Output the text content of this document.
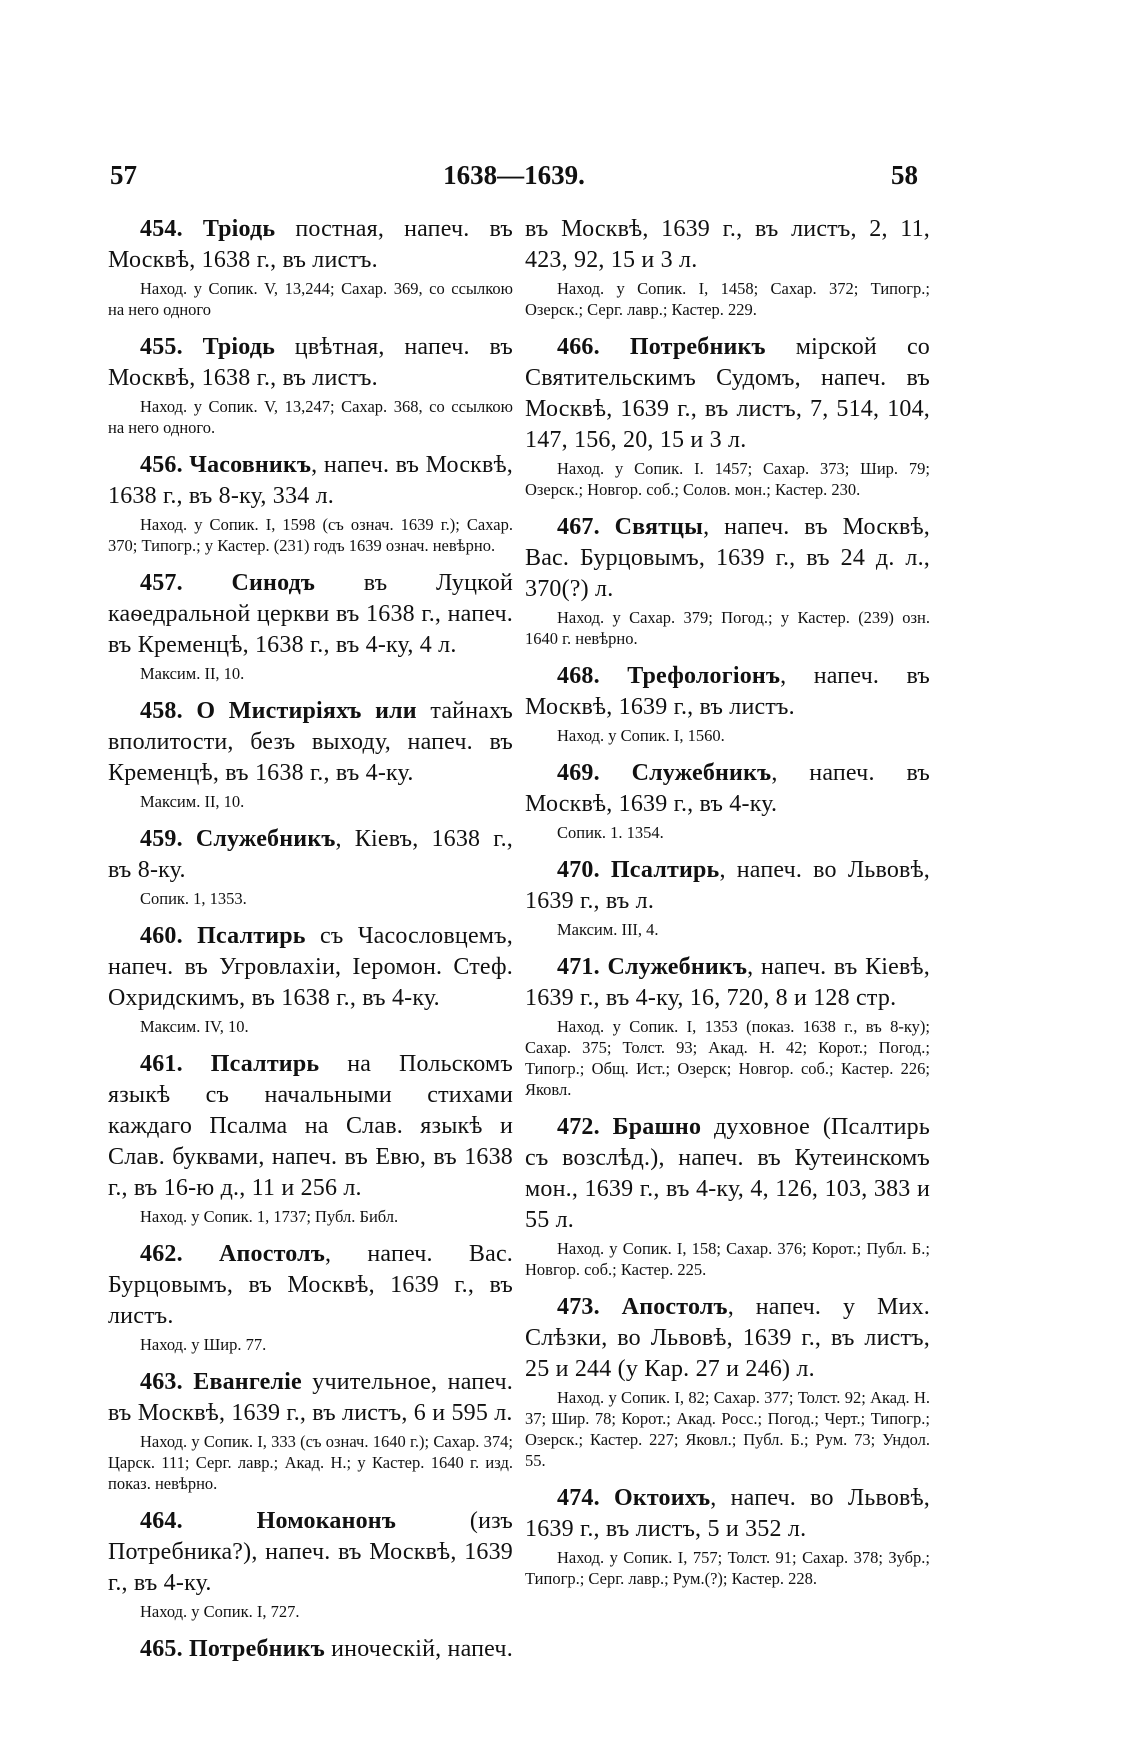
57	1638—1639.	58

454. Тріодь постная, напеч. въ Москвѣ, 1638 г., въ листъ.

Наход. у Сопик. V, 13,244; Сахар. 369, со ссылкою на него одного

455. Тріодь цвѣтная, напеч. въ Москвѣ, 1638 г., въ листъ.

Наход. у Сопик. V, 13,247; Сахар. 368, со ссылкою на него одного.

456. Часовникъ, напеч. въ Москвѣ, 1638 г., въ 8-ку, 334 л.

Наход. у Сопик. I, 1598 (съ означ. 1639 г.); Сахар. 370; Типогр.; у Кастер. (231) годъ 1639 означ. невѣрно.

457. Синодъ въ Луцкой каѳедральной церкви въ 1638 г., напеч. въ Кременцѣ, 1638 г., въ 4-ку, 4 л.

Максим. II, 10.

458. О Мистиріяхъ или тайнахъ вполитости, безъ выходу, напеч. въ Кременцѣ, въ 1638 г., въ 4-ку.

Максим. II, 10.

459. Служебникъ, Кіевъ, 1638 г., въ 8-ку.

Сопик. 1, 1353.

460. Псалтирь съ Часословцемъ, напеч. въ Угровлахіи, Іеромон. Стеф. Охридскимъ, въ 1638 г., въ 4-ку.

Максим. IV, 10.

461. Псалтирь на Польскомъ языкѣ съ начальными стихами каждаго Псалма на Слав. языкѣ и Слав. буквами, напеч. въ Евю, въ 1638 г., въ 16-ю д., 11 и 256 л.

Наход. у Сопик. 1, 1737; Публ. Библ.

462. Апостолъ, напеч. Вас. Бурцовымъ, въ Москвѣ, 1639 г., въ листъ.

Наход. у Шир. 77.

463. Евангеліе учительное, напеч. въ Москвѣ, 1639 г., въ листъ, 6 и 595 л.

Наход. у Сопик. I, 333 (съ означ. 1640 г.); Сахар. 374; Царск. 111; Серг. лавр.; Акад. Н.; у Кастер. 1640 г. изд. показ. невѣрно.

464.	Номоканонъ (изъ Потребника?), напеч. въ Москвѣ, 1639 г., въ 4-ку.

Наход. у Сопик. I, 727.

465. Потребникъ иноческій, напеч.

въ Москвѣ, 1639 г., въ листъ, 2, 11, 423, 92, 15 и 3 л.

Наход. у Сопик. I, 1458; Сахар. 372; Типогр.; Озерск.; Серг. лавр.; Кастер. 229.

466. Потребникъ мірской со Святительскимъ Судомъ, напеч. въ Москвѣ, 1639 г., въ листъ, 7, 514, 104, 147, 156, 20, 15 и 3 л.

Наход. у Сопик. I. 1457; Сахар. 373; Шир. 79; Озерск.; Новгор. соб.; Солов. мон.; Кастер. 230.

467. Святцы, напеч. въ Москвѣ, Вас. Бурцовымъ, 1639 г., въ 24 д. л., 370(?) л.

Наход. у Сахар. 379; Погод.; у Кастер. (239) озн. 1640 г. невѣрно.

468. Трефологіонъ, напеч. въ Москвѣ, 1639 г., въ листъ.

Наход. у Сопик. I, 1560.

469. Служебникъ, напеч. въ Москвѣ, 1639 г., въ 4-ку.

Сопик. 1. 1354.

470. Псалтирь, напеч. во Львовѣ, 1639 г., въ л.

Максим. III, 4.

471. Служебникъ, напеч. въ Кіевѣ, 1639 г., въ 4-ку, 16, 720, 8 и 128 стр.

Наход. у Сопик. I, 1353 (показ. 1638 г., въ 8-ку); Сахар. 375; Толст. 93; Акад. Н. 42; Корот.; Погод.; Типогр.; Общ. Ист.; Озерск; Новгор. соб.; Кастер. 226; Яковл.

472. Брашно духовное (Псалтирь съ возслѣд.), напеч. въ Кутеинскомъ мон., 1639 г., въ 4-ку, 4, 126, 103, 383 и 55 л.

Наход. у Сопик. I, 158; Сахар. 376; Корот.; Публ. Б.; Новгор. соб.; Кастер. 225.

473. Апостолъ, напеч. у Мих. Слѣзки, во Львовѣ, 1639 г., въ листъ, 25 и 244 (у Кар. 27 и 246) л.

Наход. у Сопик. I, 82; Сахар. 377; Толст. 92; Акад. Н. 37; Шир. 78; Корот.; Акад. Росс.; Погод.; Черт.; Типогр.; Озерск.; Кастер. 227; Яковл.; Публ. Б.; Рум. 73; Ундол. 55.

474. Октоихъ, напеч. во Львовѣ, 1639 г., въ листъ, 5 и 352 л.

Наход. у Сопик. I, 757; Толст. 91; Сахар. 378; Зубр.; Типогр.; Серг. лавр.; Рум.(?); Кастер. 228.
